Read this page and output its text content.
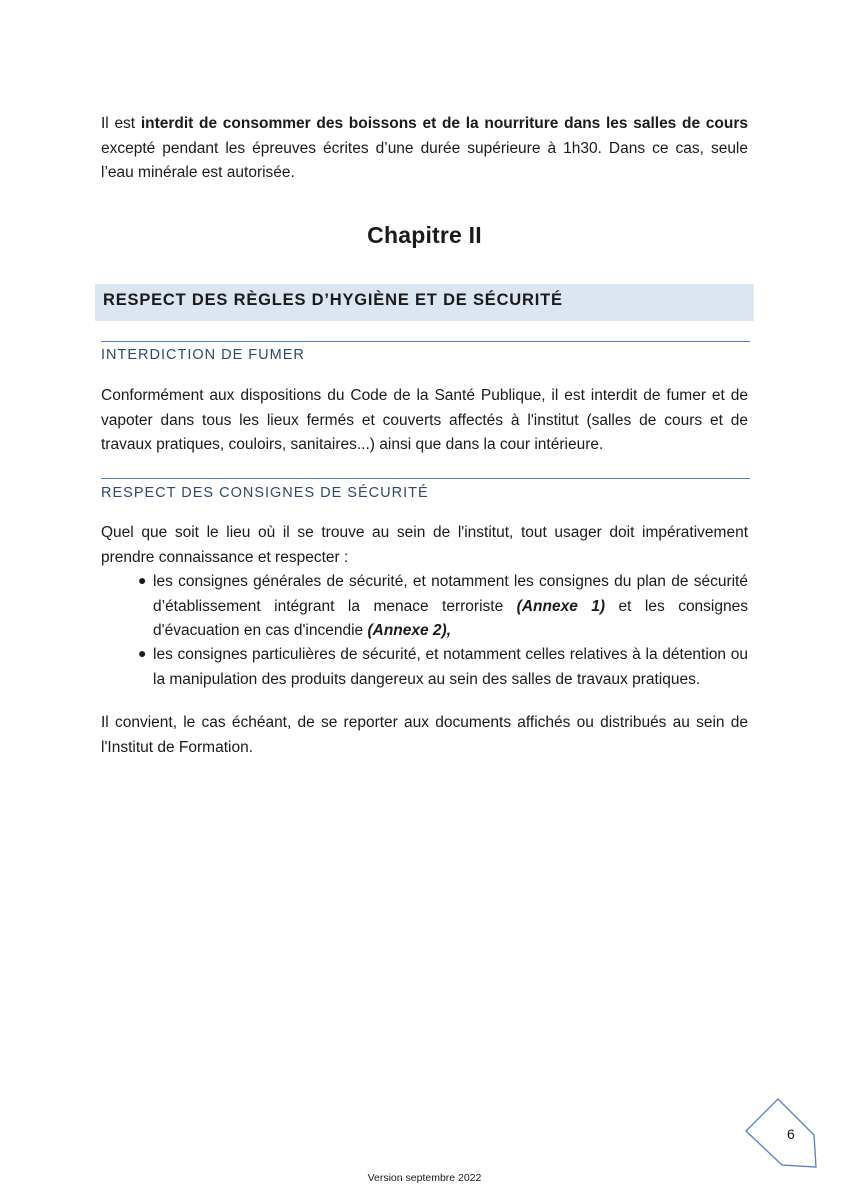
Il est interdit de consommer des boissons et de la nourriture dans les salles de cours excepté pendant les épreuves écrites d’une durée supérieure à 1h30. Dans ce cas, seule l’eau minérale est autorisée.
Chapitre II
RESPECT DES RÈGLES D’HYGIÈNE ET DE SÉCURITÉ
INTERDICTION DE FUMER
Conformément aux dispositions du Code de la Santé Publique, il est interdit de fumer et de vapoter dans tous les lieux fermés et couverts affectés à l'institut (salles de cours et de travaux pratiques, couloirs, sanitaires...) ainsi que dans la cour intérieure.
RESPECT DES CONSIGNES DE SÉCURITÉ
Quel que soit le lieu où il se trouve au sein de l'institut, tout usager doit impérativement prendre connaissance et respecter :
● les consignes générales de sécurité, et notamment les consignes du plan de sécurité d’établissement intégrant la menace terroriste (Annexe 1) et les consignes d'évacuation en cas d'incendie (Annexe 2),
● les consignes particulières de sécurité, et notamment celles relatives à la détention ou la manipulation des produits dangereux au sein des salles de travaux pratiques.
Il convient, le cas échéant, de se reporter aux documents affichés ou distribués au sein de l'Institut de Formation.
6
Version septembre 2022
